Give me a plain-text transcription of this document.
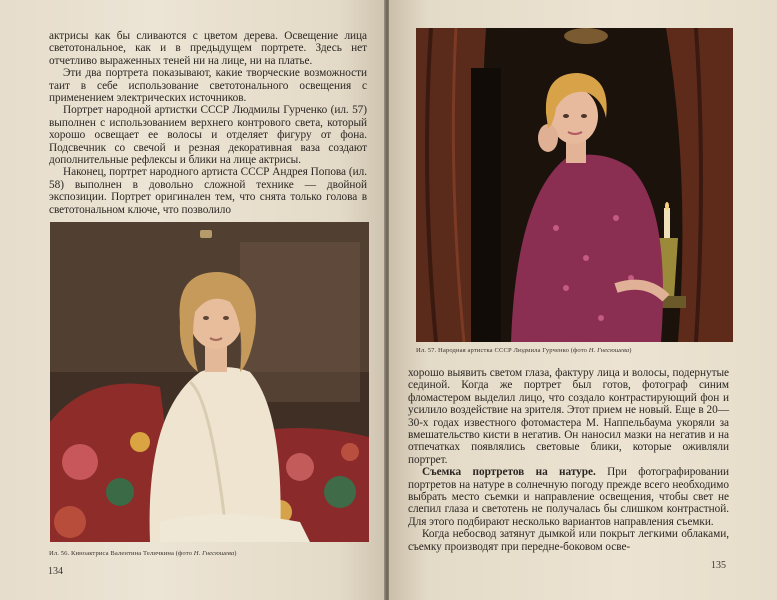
актрисы как бы сливаются с цветом дерева. Освещение лица светотональное, как и в предыдущем портрете. Здесь нет отчетливо выраженных теней ни на лице, ни на платье.

Эти два портрета показывают, какие творческие возможности таит в себе использование светотонального освещения с применением электрических источников.

Портрет народной артистки СССР Людмилы Гурченко (ил. 57) выполнен с использованием верхнего контрового света, который хорошо освещает ее волосы и отделяет фигуру от фона. Подсвечник со свечой и резная декоративная ваза создают дополнительные рефлексы и блики на лице актрисы.

Наконец, портрет народного артиста СССР Андрея Попова (ил. 58) выполнен в довольно сложной технике — двойной экспозиции. Портрет оригинален тем, что снята только голова в светотональном ключе, что позволило

Ил. 56. Киноактриса Валентина Теличкина (фото Н. Гнесюшева)
134
Ил. 57. Народная артистка СССР Людмила Гурченко (фото Н. Гнесюшева)

хорошо выявить светом глаза, фактуру лица и волосы, подернутые сединой. Когда же портрет был готов, фотограф синим фломастером выделил лицо, что создало контрастирующий фон и усилило воздействие на зрителя. Этот прием не новый. Еще в 20—30-х годах известного фотомастера М. Наппельбаума укоряли за вмешательство кисти в негатив. Он наносил мазки на негатив и на отпечатках появлялись световые блики, которые оживляли портрет.

Съемка портретов на натуре. При фотографировании портретов на натуре в солнечную погоду прежде всего необходимо выбрать место съемки и направление освещения, чтобы свет не слепил глаза и светотень не получалась бы слишком контрастной. Для этого подбирают несколько вариантов направления съемки.

Когда небосвод затянут дымкой или покрыт легкими облаками, съемку производят при передне-боковом осве-

135
